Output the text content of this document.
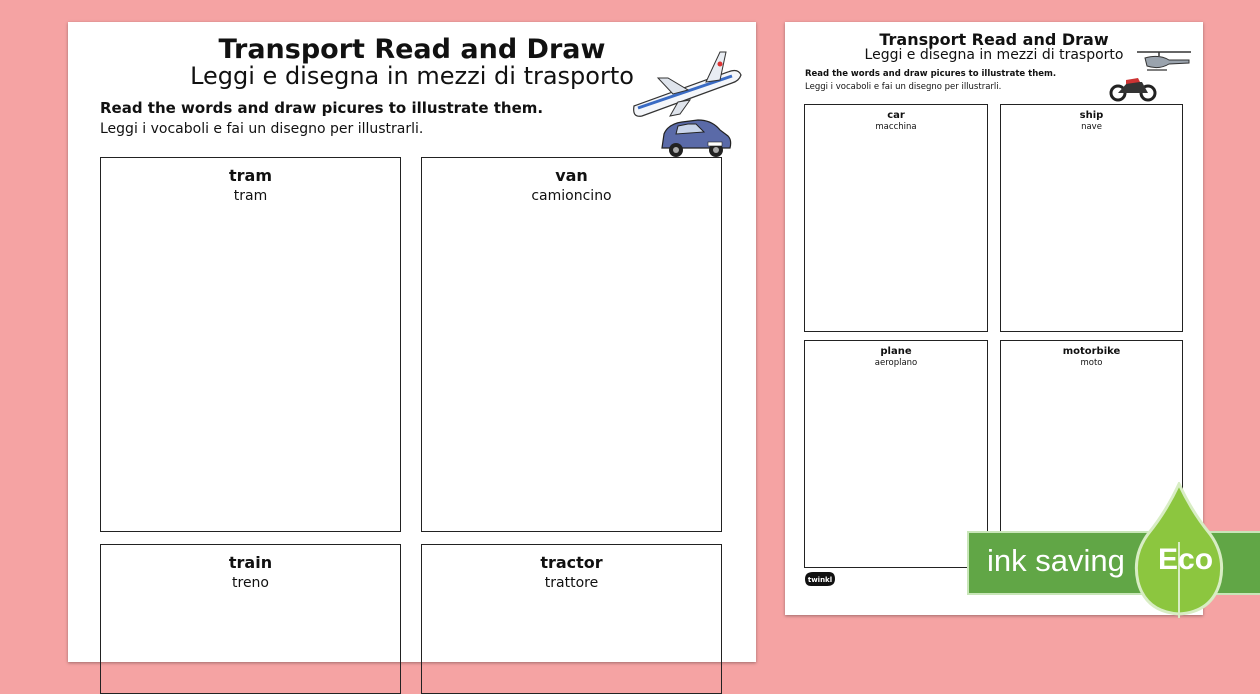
Transport Read and Draw

Leggi e disegna in mezzi di trasporto

Read the words and draw picures to illustrate them.

Leggi i vocaboli e fai un disegno per illustrarli.

tram

tram

van

camioncino

train

treno

tractor

trattore

Transport Read and Draw

Leggi e disegna in mezzi di trasporto

Read the words and draw picures to illustrate them.

Leggi i vocaboli e fai un disegno per illustrarli.

car

macchina

ship

nave

plane

aeroplano

motorbike

moto

twinkl
ink saving Eco
